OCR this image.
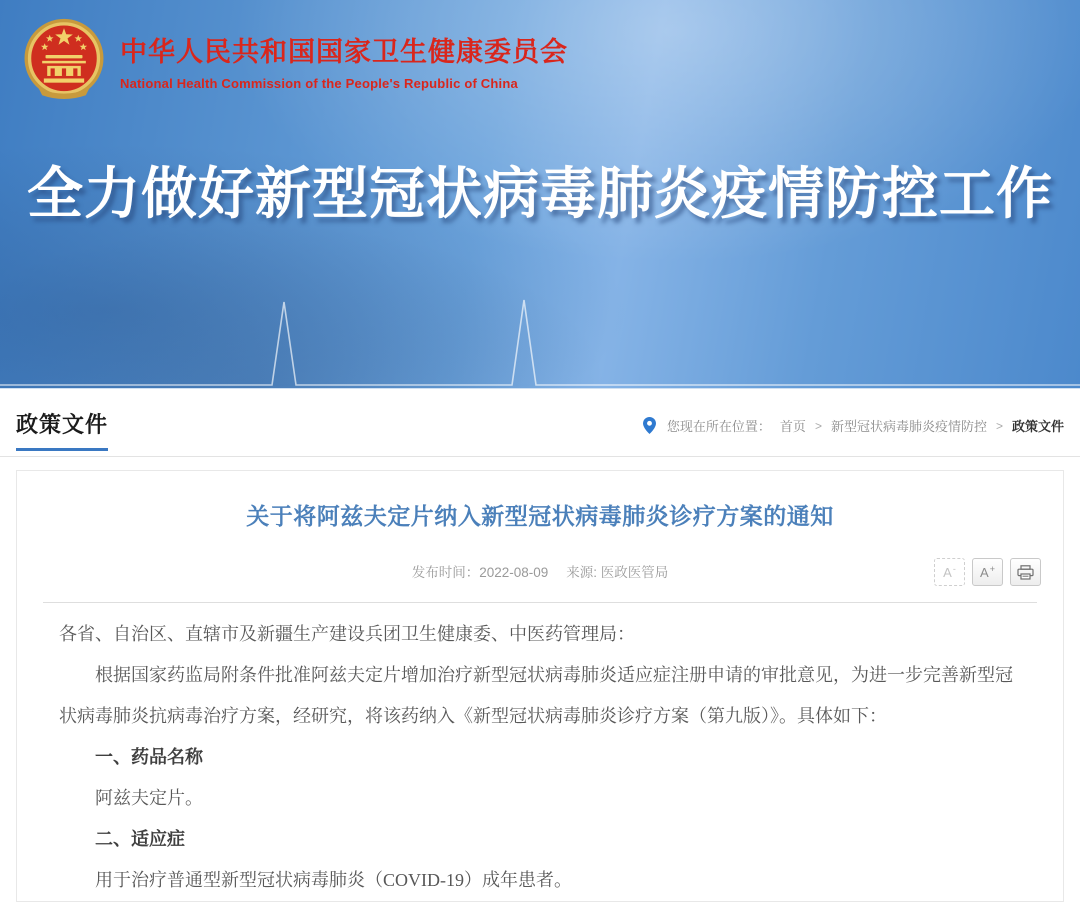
中华人民共和国国家卫生健康委员会
National Health Commission of the People's Republic of China
全力做好新型冠状病毒肺炎疫情防控工作
政策文件	您现在所在位置： 首页 > 新型冠状病毒肺炎疫情防控 > 政策文件
关于将阿兹夫定片纳入新型冠状病毒肺炎诊疗方案的通知
发布时间：2022-08-09 来源: 医政医管局	A- A+

各省、自治区、直辖市及新疆生产建设兵团卫生健康委、中医药管理局：

根据国家药监局附条件批准阿兹夫定片增加治疗新型冠状病毒肺炎适应症注册申请的审批意见，为进一步完善新型冠状病毒肺炎抗病毒治疗方案，经研究，将该药纳入《新型冠状病毒肺炎诊疗方案（第九版）》。具体如下：

一、药品名称

阿兹夫定片。

二、适应症

用于治疗普通型新型冠状病毒肺炎（COVID-19）成年患者。
